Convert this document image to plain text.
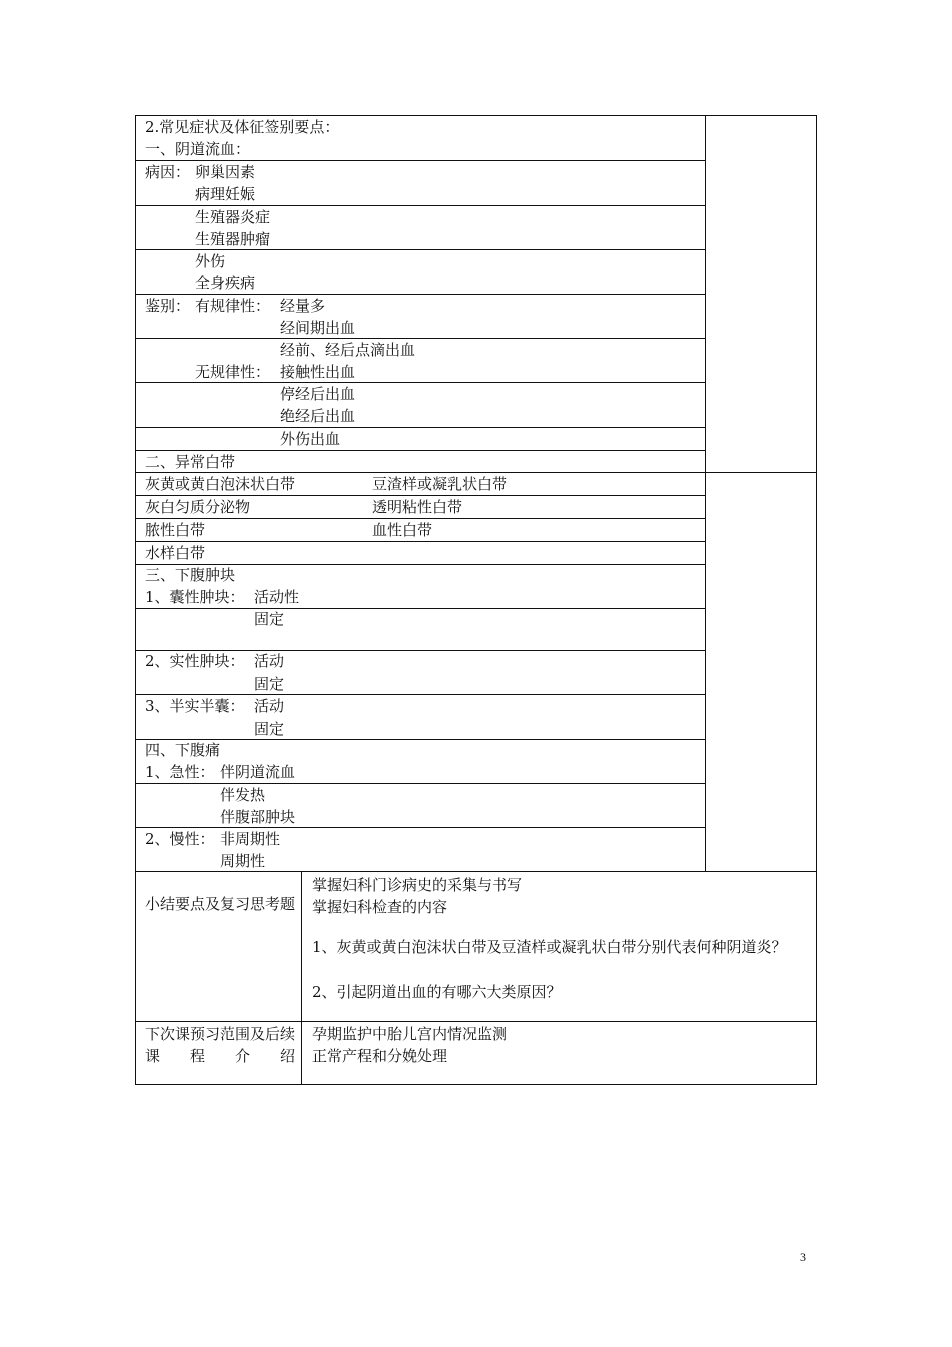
2.常见症状及体征签别要点：
一、阴道流血：
病因： 卵巢因素
病理妊娠
生殖器炎症
生殖器肿瘤
外伤
全身疾病
鉴别： 有规律性： 经量多
经间期出血
经前、经后点滴出血
无规律性： 接触性出血
停经后出血
绝经后出血
外伤出血
二、异常白带
灰黄或黄白泡沫状白带	豆渣样或凝乳状白带
灰白匀质分泌物	透明粘性白带
脓性白带	血性白带
水样白带
三、下腹肿块
1、囊性肿块： 活动性
固定
2、实性肿块： 活动
固定
3、半实半囊： 活动
固定
四、下腹痛
1、急性： 伴阴道流血
伴发热
伴腹部肿块
2、慢性： 非周期性
周期性
小结要点及复习思考题
掌握妇科门诊病史的采集与书写
掌握妇科检查的内容
1、灰黄或黄白泡沫状白带及豆渣样或凝乳状白带分别代表何种阴道炎？
2、引起阴道出血的有哪六大类原因？
下次课预习范围及后续课程介绍
孕期监护中胎儿宫内情况监测
正常产程和分娩处理
3
